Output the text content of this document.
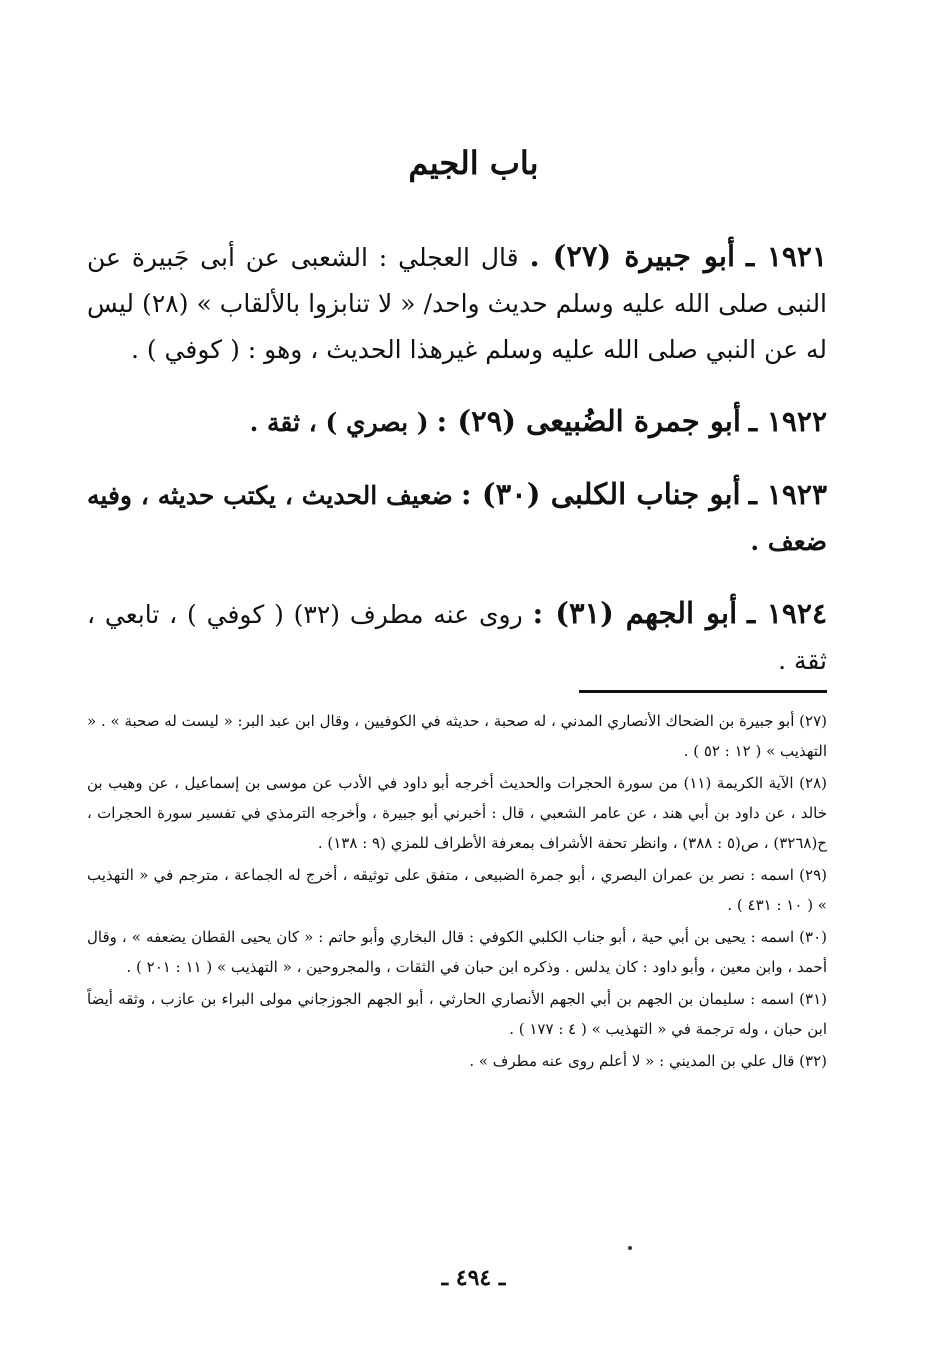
باب الجيم

١٩٢١ ـ أبو جبيرة (٢٧) . قال العجلي : الشعبى عن أبى جَبيرة عن النبى صلى الله عليه وسلم حديث واحد/ « لا تنابزوا بالألقاب » (٢٨) ليس له عن النبي صلى الله عليه وسلم غيرهذا الحديث ، وهو : ( كوفي ) .

١٩٢٢ ـ أبو جمرة الضُبيعى (٢٩) : ( بصري ) ، ثقة .

١٩٢٣ ـ أبو جناب الكلبى (٣٠) : ضعيف الحديث ، يكتب حديثه ، وفيه ضعف .

١٩٢٤ ـ أبو الجهم (٣١) : روى عنه مطرف (٣٢) ( كوفي ) ، تابعي ، ثقة .

(٢٧) أبو جبيرة بن الضحاك الأنصاري المدني ، له صحبة ، حديثه في الكوفيين ، وقال ابن عبد البر: « ليست له صحبة » . « التهذيب » ( ١٢ : ٥٢ ) .

(٢٨) الآية الكريمة (١١) من سورة الحجرات والحديث أخرجه أبو داود في الأدب عن موسى بن إسماعيل ، عن وهيب بن خالد ، عن داود بن أبي هند ، عن عامر الشعبي ، قال : أخبرني أبو جبيرة ، وأخرجه الترمذي في تفسير سورة الحجرات ، ح(٣٢٦٨) ، ص(٥ : ٣٨٨) ، وانظر تحفة الأشراف بمعرفة الأطراف للمزي (٩ : ١٣٨) .

(٢٩) اسمه : نصر بن عمران البصري ، أبو جمرة الضبيعى ، متفق على توثيقه ، أخرج له الجماعة ، مترجم في « التهذيب » ( ١٠ : ٤٣١ ) .

(٣٠) اسمه : يحيى بن أبي حية ، أبو جناب الكلبي الكوفي : قال البخاري وأبو حاتم : « كان يحيى القطان يضعفه » ، وقال أحمد ، وابن معين ، وأبو داود : كان يدلس . وذكره ابن حبان في الثقات ، والمجروحين ، « التهذيب » ( ١١ : ٢٠١ ) .

(٣١) اسمه : سليمان بن الجهم بن أبي الجهم الأنصاري الحارثي ، أبو الجهم الجوزجاني مولى البراء بن عازب ، وثقه أيضاً ابن حبان ، وله ترجمة في « التهذيب » ( ٤ : ١٧٧ ) .

(٣٢) قال علي بن المديني : « لا أعلم روى عنه مطرف » .

ـ ٤٩٤ ـ
